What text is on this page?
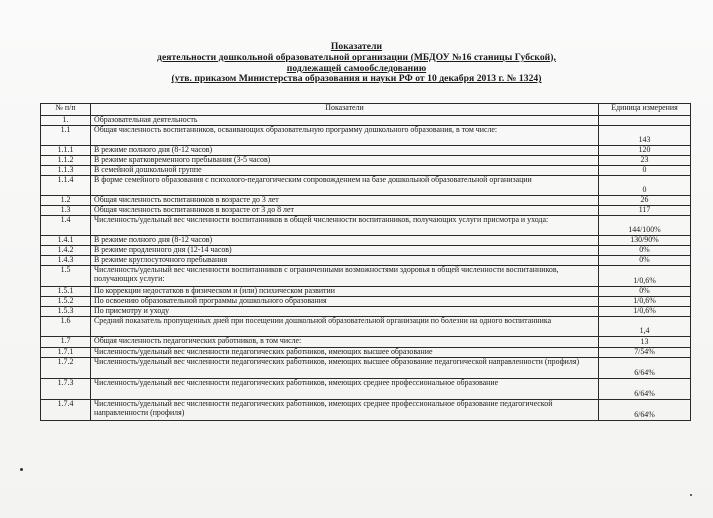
Показатели
деятельности дошкольной образовательной организации (МБДОУ №16 станицы Губской),
подлежащей самообследованию
(утв. приказом Министерства образования и науки РФ от 10 декабря 2013 г. № 1324)
№ п/п	Показатели	Единица измерения
1.	Образовательная деятельность	
1.1	Общая численность воспитанников, осваивающих образовательную программу дошкольного образования, в том числе:	143
1.1.1	В режиме полного дня (8-12 часов)	120
1.1.2	В режиме кратковременного пребывания (3-5 часов)	23
1.1.3	В семейной дошкольной группе	0
1.1.4	В форме семейного образования с психолого-педагогическим сопровождением на базе дошкольной образовательной организации	0
1.2	Общая численность воспитанников в возрасте до 3 лет	26
1.3	Общая численность воспитанников в возрасте от 3 до 8 лет	117
1.4	Численность/удельный вес численности воспитанников в общей численности воспитанников, получающих услуги присмотра и ухода:	144/100%
1.4.1	В режиме полного дня (8-12 часов)	130/90%
1.4.2	В режиме продленного дня (12-14 часов)	0%
1.4.3	В режиме круглосуточного пребывания	0%
1.5	Численность/удельный вес численности воспитанников с ограниченными возможностями здоровья в общей численности воспитанников, получающих услуги:	1/0,6%
1.5.1	По коррекции недостатков в физическом и (или) психическом развитии	0%
1.5.2	По освоению образовательной программы дошкольного образования	1/0,6%
1.5.3	По присмотру и уходу	1/0,6%
1.6	Средний показатель пропущенных дней при посещении дошкольной образовательной организации по болезни на одного воспитанника	1,4
1.7	Общая численность педагогических работников, в том числе:	13
1.7.1	Численность/удельный вес численности педагогических работников, имеющих высшее образование	7/54%
1.7.2	Численность/удельный вес численности педагогических работников, имеющих высшее образование педагогической направленности (профиля)	6/64%
1.7.3	Численность/удельный вес численности педагогических работников, имеющих среднее профессиональное образование	6/64%
1.7.4	Численность/удельный вес численности педагогических работников, имеющих среднее профессиональное образование педагогической направленности (профиля)	6/64%
